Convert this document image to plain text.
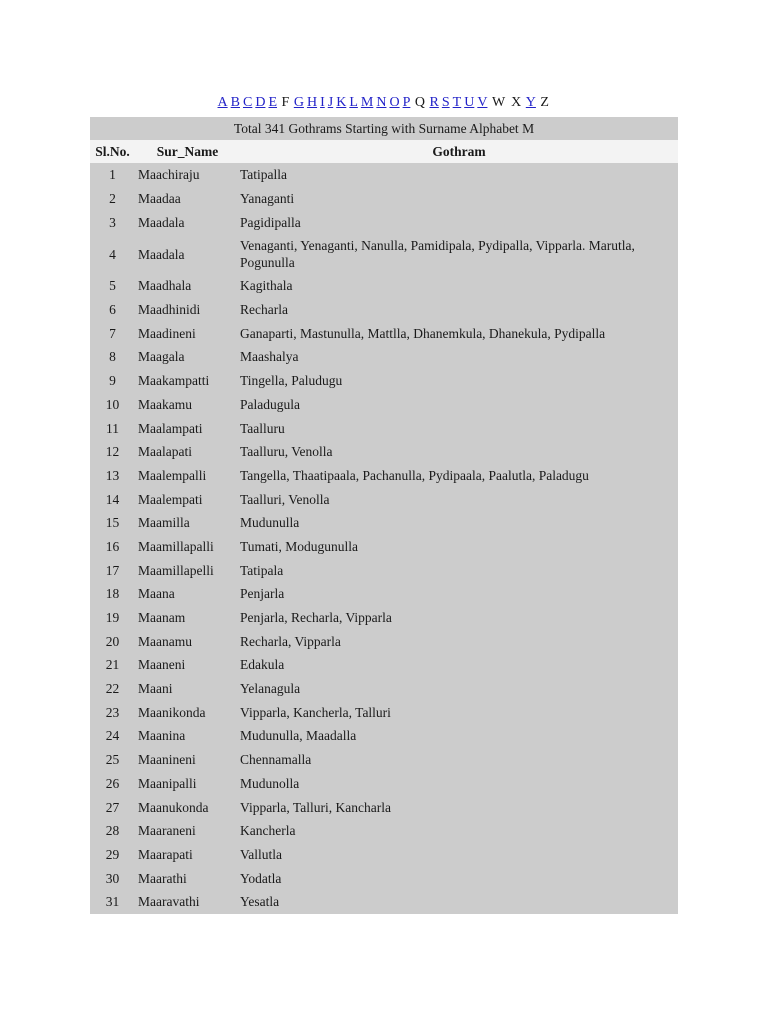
A B C D E F G H I J K L M N O P Q R S T U V W X Y Z
Total 341 Gothrams Starting with Surname Alphabet M		
Sl.No.	Sur_Name	Gothram
1	Maachiraju	Tatipalla
2	Maadaa	Yanaganti
3	Maadala	Pagidipalla
4	Maadala	Venaganti, Yenaganti, Nanulla, Pamidipala, Pydipalla, Vipparla. Marutla, Pogunulla
5	Maadhala	Kagithala
6	Maadhinidi	Recharla
7	Maadineni	Ganaparti, Mastunulla, Mattlla, Dhanemkula, Dhanekula, Pydipalla
8	Maagala	Maashalya
9	Maakampatti	Tingella, Paludugu
10	Maakamu	Paladugula
11	Maalampati	Taalluru
12	Maalapati	Taalluru, Venolla
13	Maalempalli	Tangella, Thaatipaala, Pachanulla, Pydipaala, Paalutla, Paladugu
14	Maalempati	Taalluri, Venolla
15	Maamilla	Mudunulla
16	Maamillapalli	Tumati, Modugunulla
17	Maamillapelli	Tatipala
18	Maana	Penjarla
19	Maanam	Penjarla, Recharla, Vipparla
20	Maanamu	Recharla, Vipparla
21	Maaneni	Edakula
22	Maani	Yelanagula
23	Maanikonda	Vipparla, Kancherla, Talluri
24	Maanina	Mudunulla, Maadalla
25	Maanineni	Chennamalla
26	Maanipalli	Mudunolla
27	Maanukonda	Vipparla, Talluri, Kancharla
28	Maaraneni	Kancherla
29	Maarapati	Vallutla
30	Maarathi	Yodatla
31	Maaravathi	Yesatla
